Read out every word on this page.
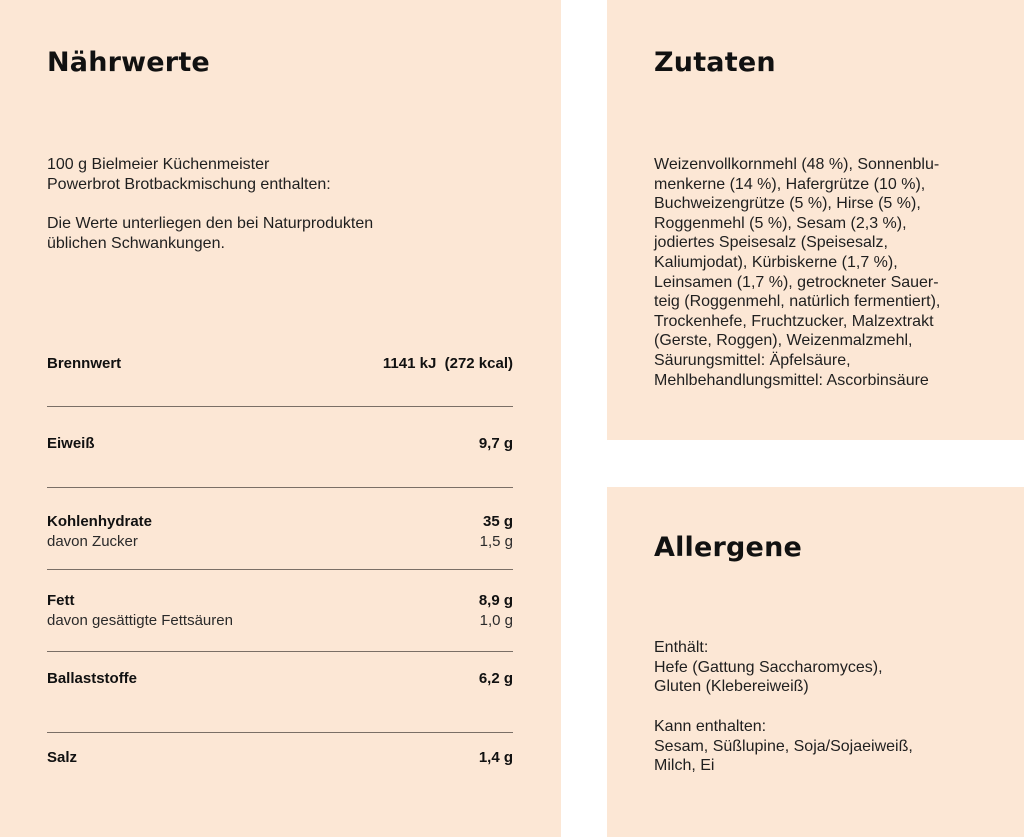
Nährwerte
100 g Bielmeier Küchenmeister
Powerbrot Brotbackmischung enthalten:
Die Werte unterliegen den bei Naturprodukten
üblichen Schwankungen.
Brennwert	1141 kJ  (272 kcal)
Eiweiß	9,7 g
Kohlenhydrate	35 g
davon Zucker	1,5 g
Fett	8,9 g
davon gesättigte Fettsäuren	1,0 g
Ballaststoffe	6,2 g
Salz	1,4 g
Zutaten
Weizenvollkornmehl (48 %), Sonnenblu-
menkerne (14 %), Hafergrütze (10 %),
Buchweizengrütze (5 %), Hirse (5 %),
Roggenmehl (5 %), Sesam (2,3 %),
jodiertes Speisesalz (Speisesalz,
Kaliumjodat), Kürbiskerne (1,7 %),
Leinsamen (1,7 %), getrockneter Sauer-
teig (Roggenmehl, natürlich fermentiert),
Trockenhefe, Fruchtzucker, Malzextrakt
(Gerste, Roggen), Weizenmalzmehl,
Säurungsmittel: Äpfelsäure,
Mehlbehandlungsmittel: Ascorbinsäure
Allergene
Enthält:
Hefe (Gattung Saccharomyces),
Gluten (Klebereiweiß)
Kann enthalten:
Sesam, Süßlupine, Soja/Sojaeiweiß,
Milch, Ei
